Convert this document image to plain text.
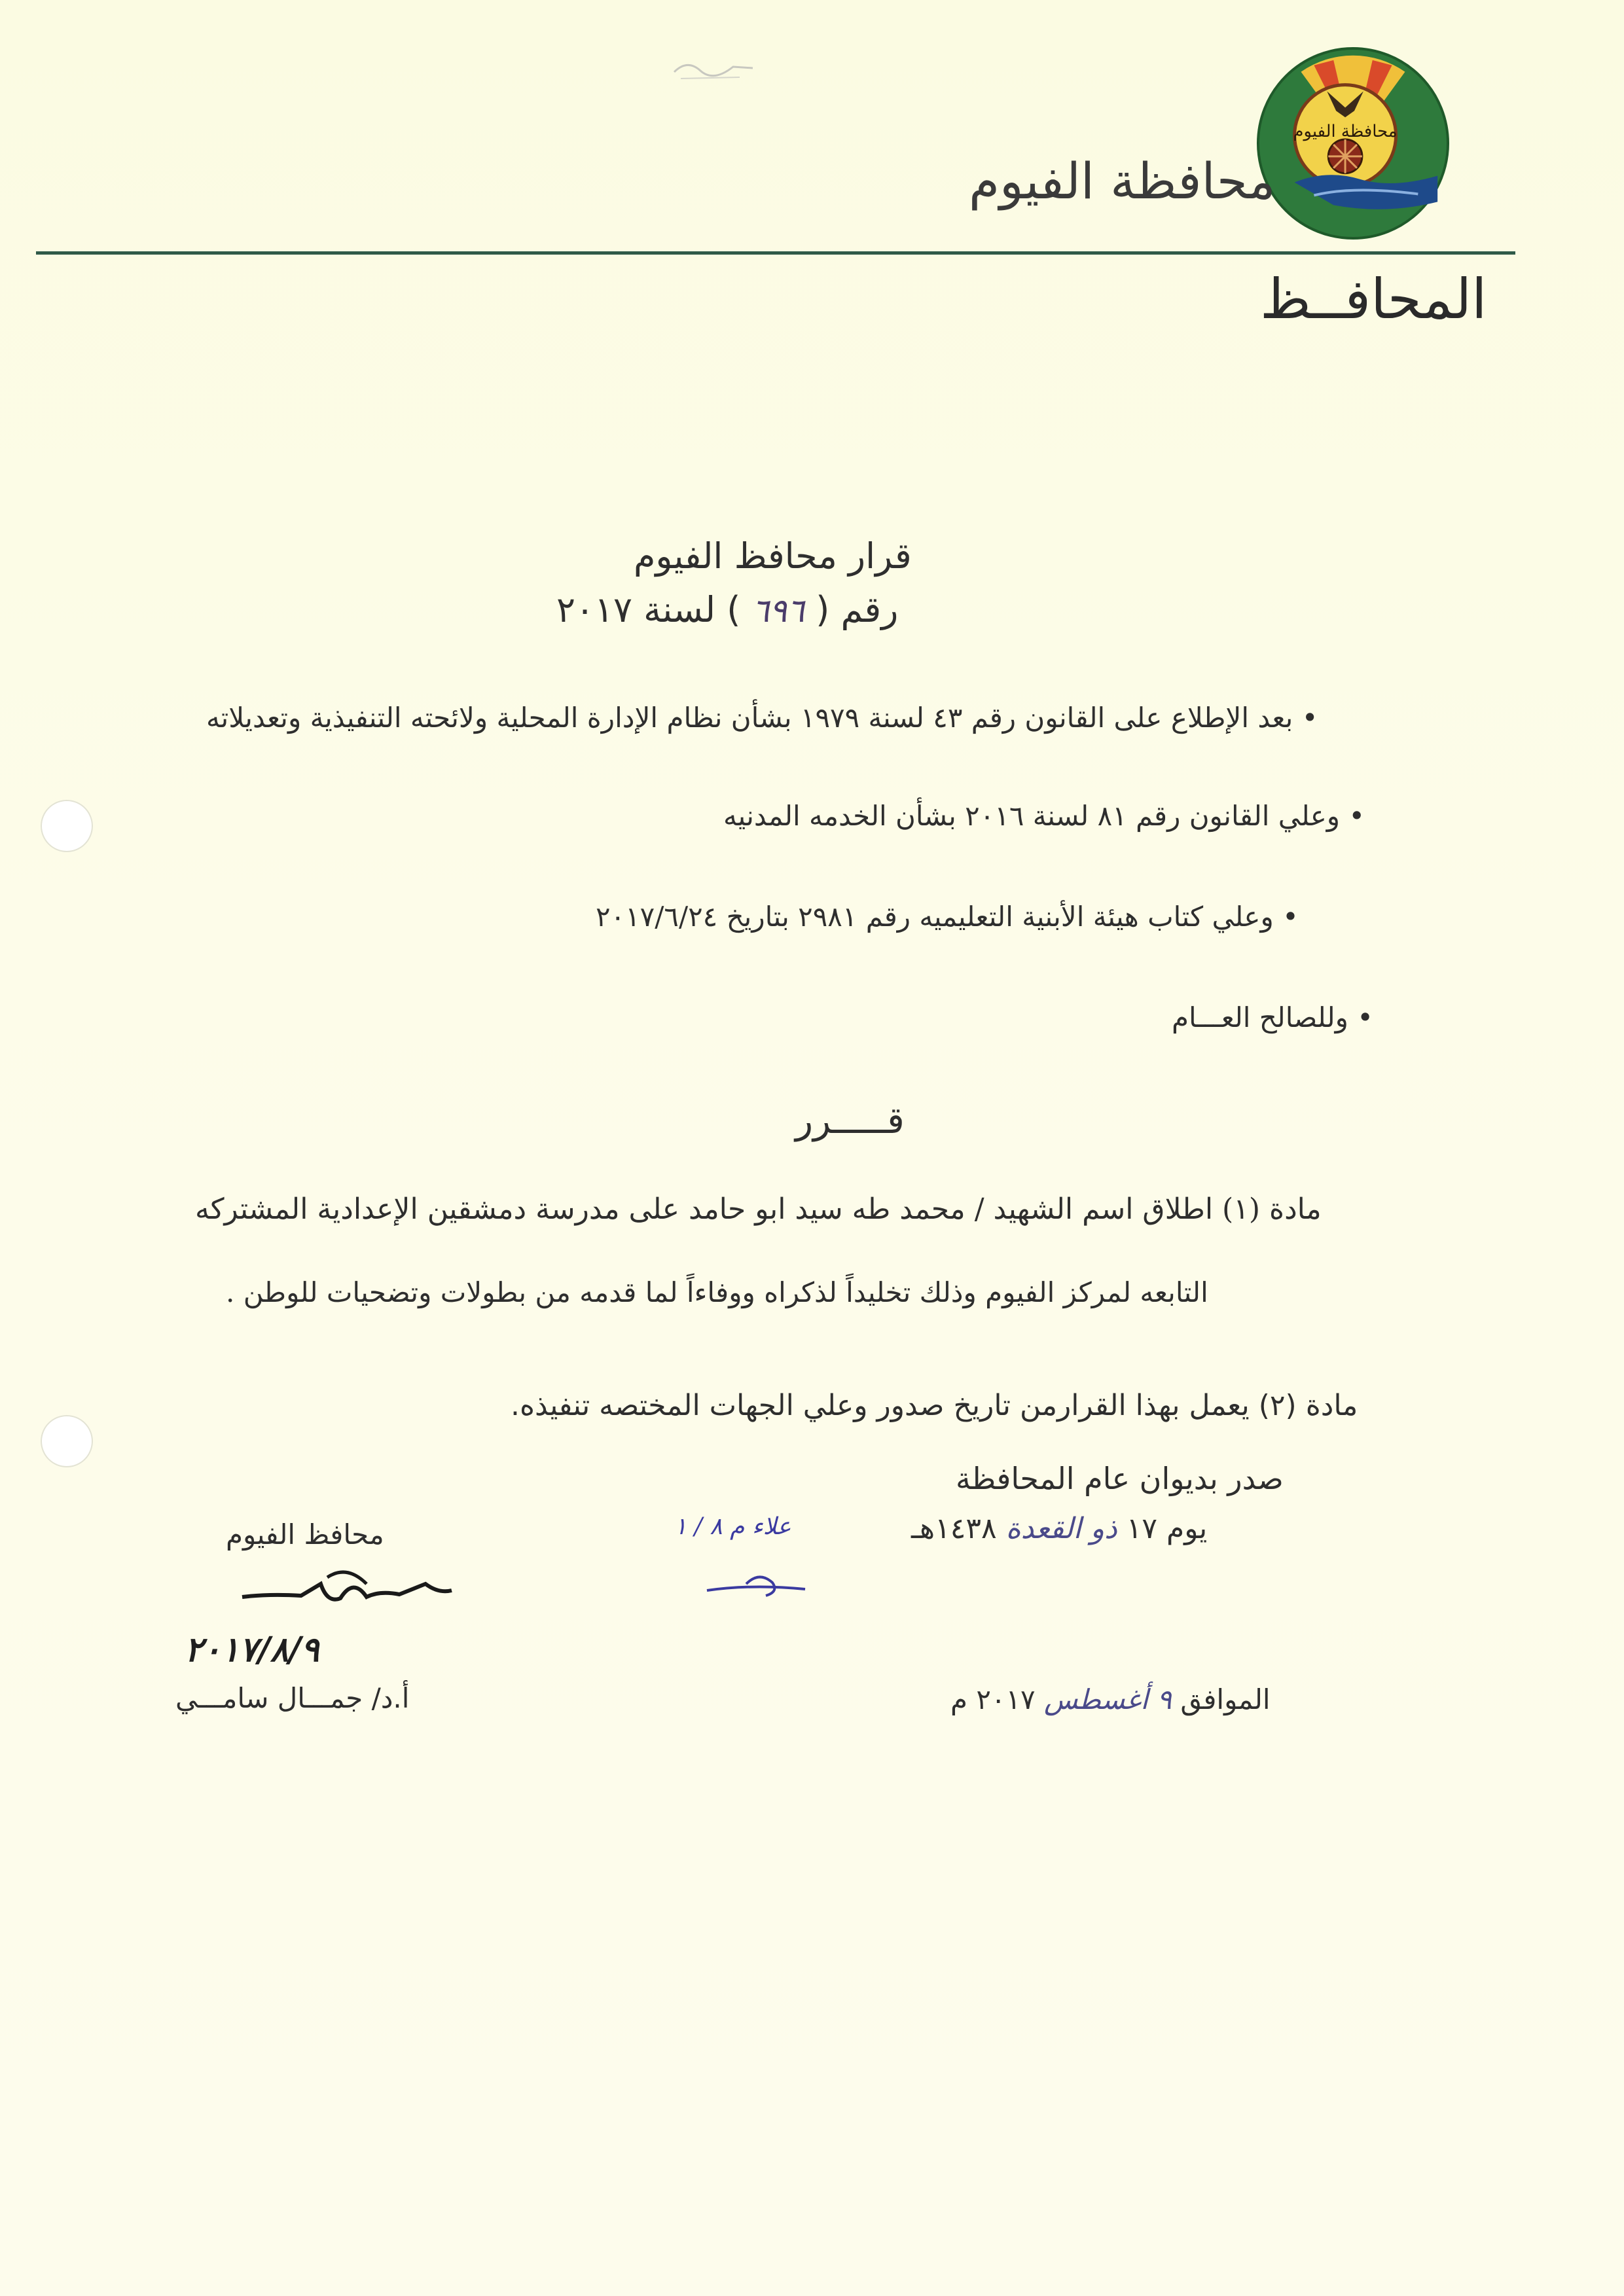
محافظة الفيوم
محافظة الفيوم
المحافــظ
قرار محافظ الفيوم
رقم ( ٦٩٦ ) لسنة ٢٠١٧
• بعد الإطلاع على القانون رقم ٤٣ لسنة ١٩٧٩ بشأن نظام الإدارة المحلية ولائحته التنفيذية وتعديلاته
• وعلي القانون رقم ٨١ لسنة ٢٠١٦ بشأن الخدمه المدنيه
• وعلي كتاب هيئة الأبنية التعليميه رقم ٢٩٨١ بتاريخ ٢٠١٧/٦/٢٤
• وللصالح العـــام
قـــــرر
مادة (١) اطلاق اسم الشهيد / محمد طه سيد ابو حامد على مدرسة دمشقين الإعدادية المشتركه
التابعه لمركز الفيوم وذلك تخليداً لذكراه ووفاءاً لما قدمه من بطولات وتضحيات للوطن .
مادة (٢) يعمل بهذا القرارمن تاريخ صدور وعلي الجهات المختصه تنفيذه.
صدر بديوان عام المحافظة
يوم ١٧ ذو القعدة ١٤٣٨هـ
الموافق ٩ أغسطس ٢٠١٧ م
علاء م ٨ / ١
محافظ الفيوم
٢٠١٧/٨/٩
أ.د/ جمـــال سامـــي
